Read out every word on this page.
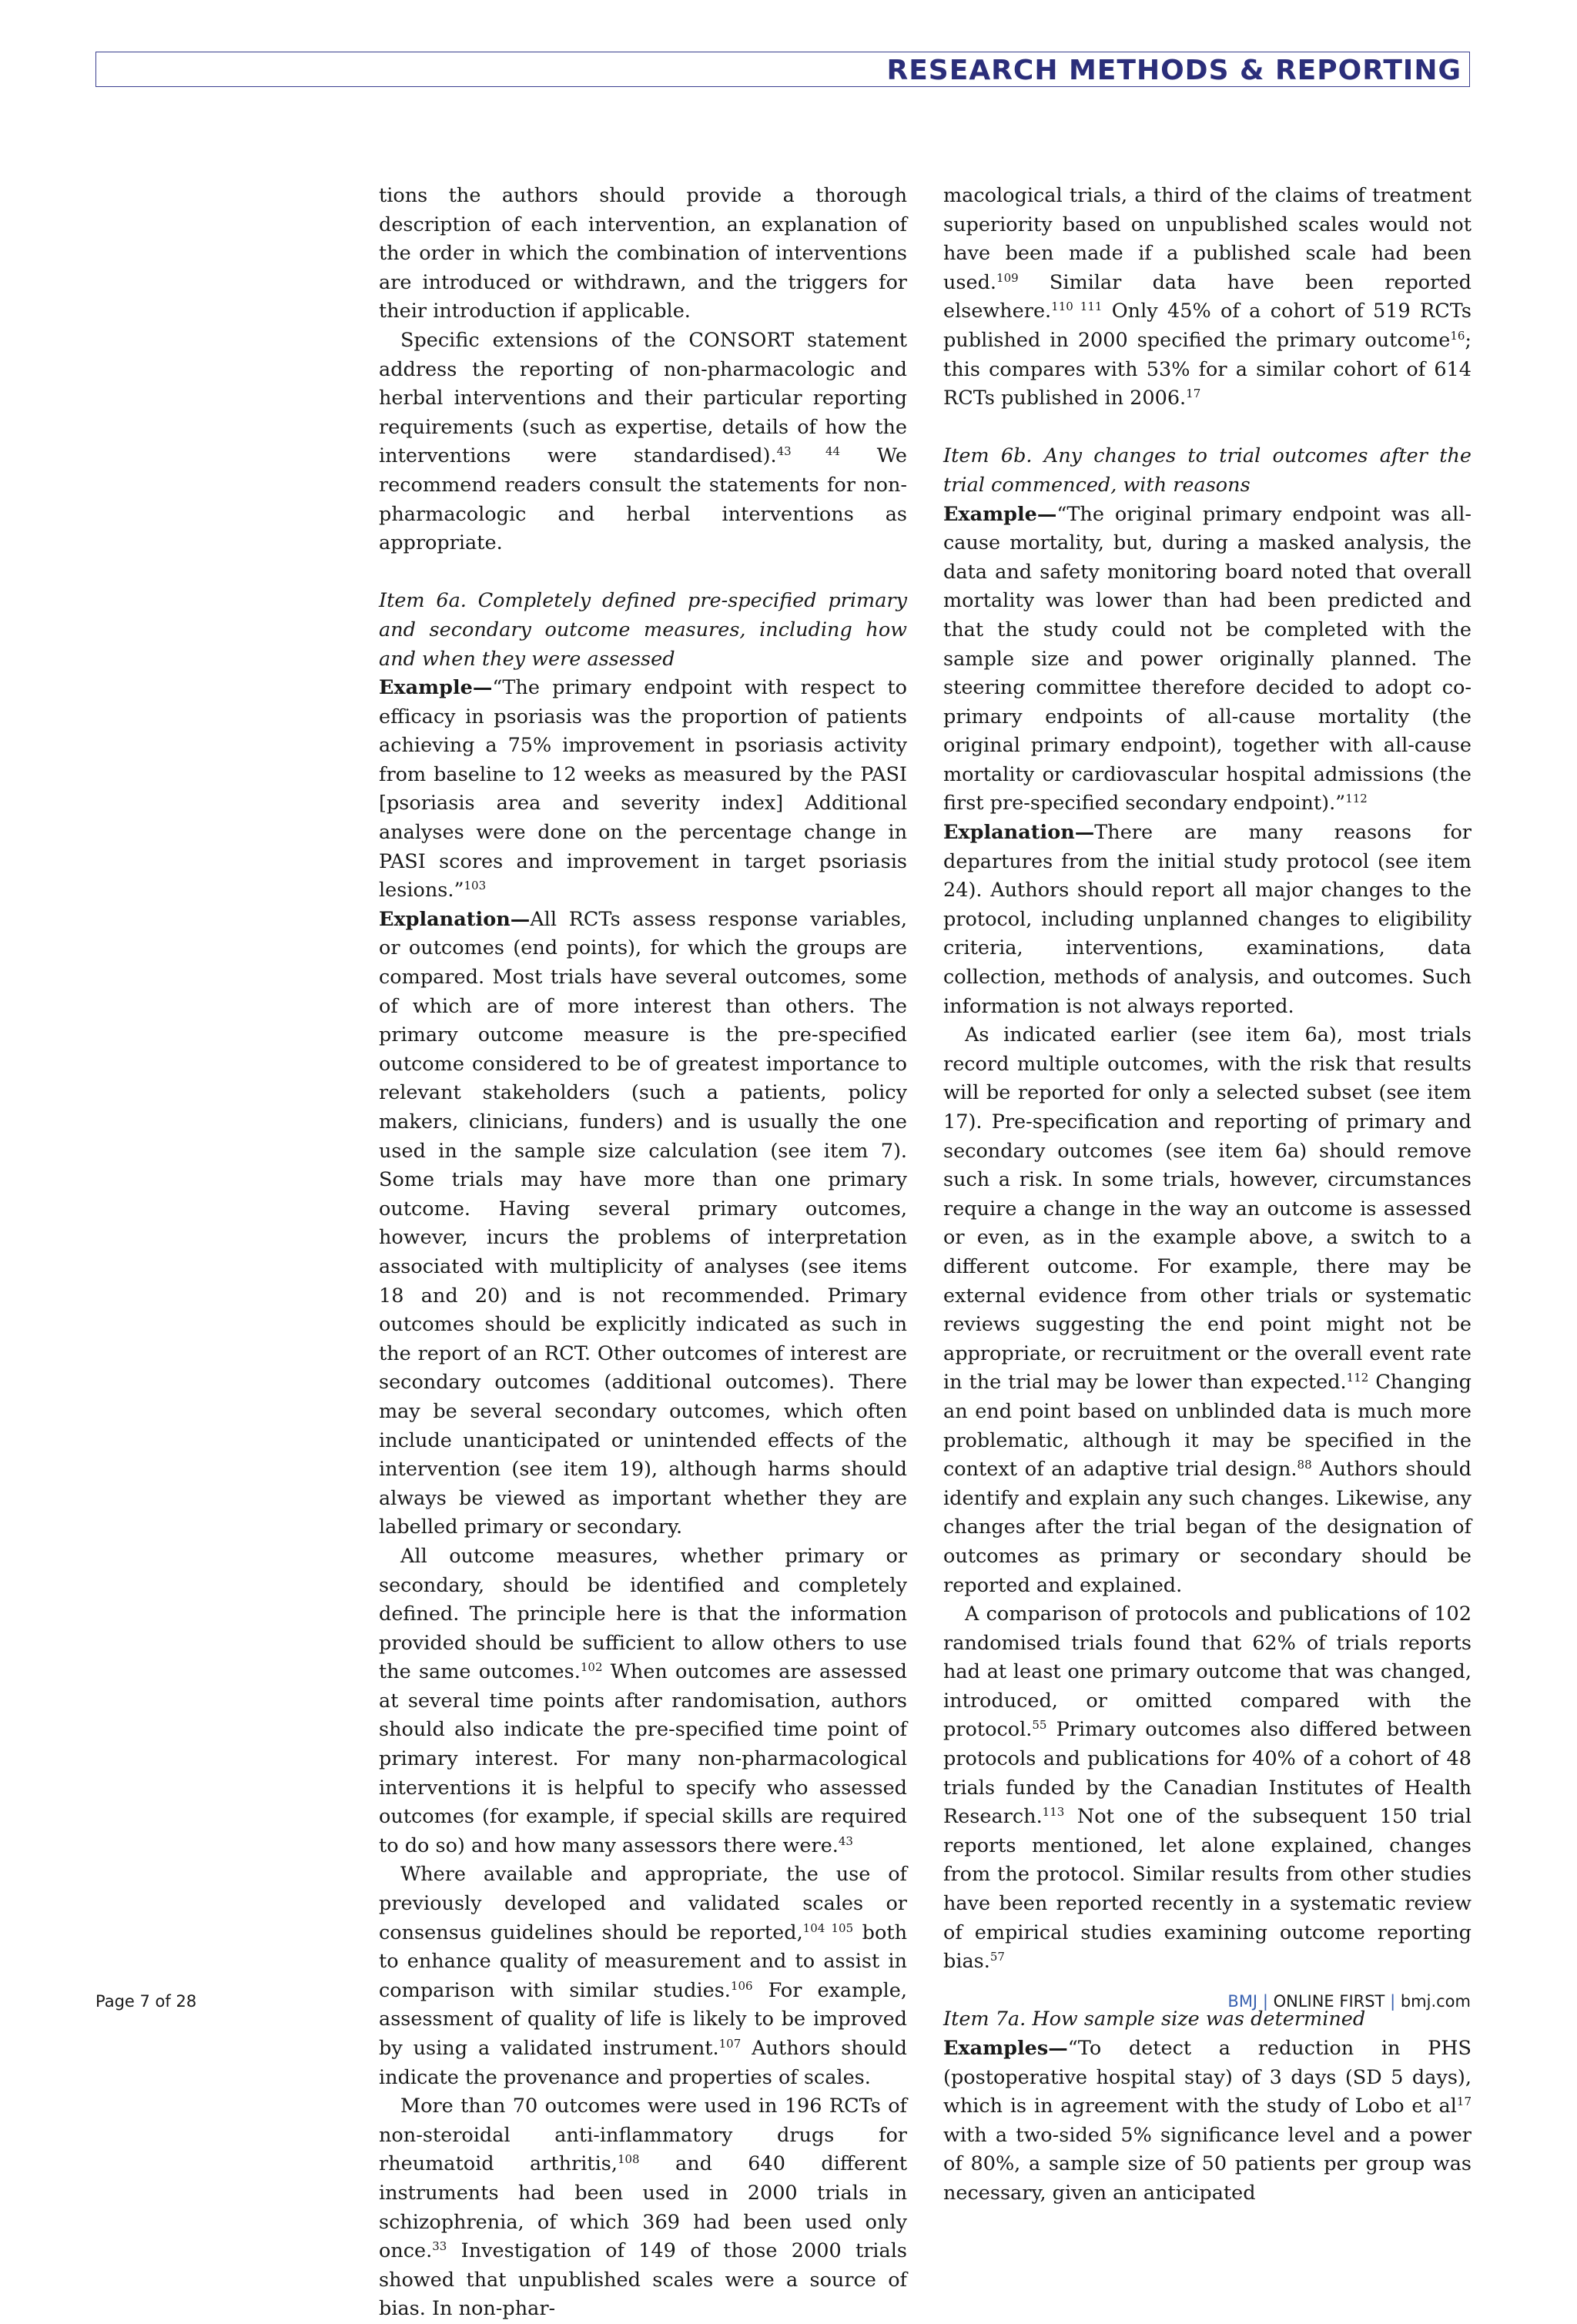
RESEARCH METHODS & REPORTING

tions the authors should provide a thorough description of each intervention, an explanation of the order in which the combination of interventions are introduced or withdrawn, and the triggers for their introduction if applicable.

Specific extensions of the CONSORT statement address the reporting of non-pharmacologic and herbal interventions and their particular reporting requirements (such as expertise, details of how the interventions were standardised).$^{43 44}$ We recommend readers consult the statements for non-pharmacologic and herbal interventions as appropriate.

Item 6a. Completely defined pre-specified primary and secondary outcome measures, including how and when they were assessed

Example—“The primary endpoint with respect to efficacy in psoriasis was the proportion of patients achieving a 75% improvement in psoriasis activity from baseline to 12 weeks as measured by the PASI [psoriasis area and severity index] Additional analyses were done on the percentage change in PASI scores and improvement in target psoriasis lesions.”$^{103}$

Explanation—All RCTs assess response variables, or outcomes (end points), for which the groups are compared. Most trials have several outcomes, some of which are of more interest than others. The primary outcome measure is the pre-specified outcome considered to be of greatest importance to relevant stakeholders (such a patients, policy makers, clinicians, funders) and is usually the one used in the sample size calculation (see item 7). Some trials may have more than one primary outcome. Having several primary outcomes, however, incurs the problems of interpretation associated with multiplicity of analyses (see items 18 and 20) and is not recommended. Primary outcomes should be explicitly indicated as such in the report of an RCT. Other outcomes of interest are secondary outcomes (additional outcomes). There may be several secondary outcomes, which often include unanticipated or unintended effects of the intervention (see item 19), although harms should always be viewed as important whether they are labelled primary or secondary.

All outcome measures, whether primary or secondary, should be identified and completely defined. The principle here is that the information provided should be sufficient to allow others to use the same outcomes.$^{102}$ When outcomes are assessed at several time points after randomisation, authors should also indicate the pre-specified time point of primary interest. For many non-pharmacological interventions it is helpful to specify who assessed outcomes (for example, if special skills are required to do so) and how many assessors there were.$^{43}$

Where available and appropriate, the use of previously developed and validated scales or consensus guidelines should be reported,$^{104 105}$ both to enhance quality of measurement and to assist in comparison with similar studies.$^{106}$ For example, assessment of quality of life is likely to be improved by using a validated instrument.$^{107}$ Authors should indicate the provenance and properties of scales.

More than 70 outcomes were used in 196 RCTs of non-steroidal anti-inflammatory drugs for rheumatoid arthritis,$^{108}$ and 640 different instruments had been used in 2000 trials in schizophrenia, of which 369 had been used only once.$^{33}$ Investigation of 149 of those 2000 trials showed that unpublished scales were a source of bias. In non-phar-

macological trials, a third of the claims of treatment superiority based on unpublished scales would not have been made if a published scale had been used.$^{109}$ Similar data have been reported elsewhere.$^{110 111}$ Only 45% of a cohort of 519 RCTs published in 2000 specified the primary outcome$^{16}$; this compares with 53% for a similar cohort of 614 RCTs published in 2006.17

Item 6b. Any changes to trial outcomes after the trial commenced, with reasons

Example—“The original primary endpoint was all-cause mortality, but, during a masked analysis, the data and safety monitoring board noted that overall mortality was lower than had been predicted and that the study could not be completed with the sample size and power originally planned. The steering committee therefore decided to adopt co-primary endpoints of all-cause mortality (the original primary endpoint), together with all-cause mortality or cardiovascular hospital admissions (the first pre-specified secondary endpoint).”$^{112}$

Explanation—There are many reasons for departures from the initial study protocol (see item 24). Authors should report all major changes to the protocol, including unplanned changes to eligibility criteria, interventions, examinations, data collection, methods of analysis, and outcomes. Such information is not always reported.

As indicated earlier (see item 6a), most trials record multiple outcomes, with the risk that results will be reported for only a selected subset (see item 17). Pre-specification and reporting of primary and secondary outcomes (see item 6a) should remove such a risk. In some trials, however, circumstances require a change in the way an outcome is assessed or even, as in the example above, a switch to a different outcome. For example, there may be external evidence from other trials or systematic reviews suggesting the end point might not be appropriate, or recruitment or the overall event rate in the trial may be lower than expected.$^{112}$ Changing an end point based on unblinded data is much more problematic, although it may be specified in the context of an adaptive trial design.$^{88}$ Authors should identify and explain any such changes. Likewise, any changes after the trial began of the designation of outcomes as primary or secondary should be reported and explained.

A comparison of protocols and publications of 102 randomised trials found that 62% of trials reports had at least one primary outcome that was changed, introduced, or omitted compared with the protocol.$^{55}$ Primary outcomes also differed between protocols and publications for 40% of a cohort of 48 trials funded by the Canadian Institutes of Health Research.$^{113}$ Not one of the subsequent 150 trial reports mentioned, let alone explained, changes from the protocol. Similar results from other studies have been reported recently in a systematic review of empirical studies examining outcome reporting bias.$^{57}$

Item 7a. How sample size was determined

Examples—“To detect a reduction in PHS (postoperative hospital stay) of 3 days (SD 5 days), which is in agreement with the study of Lobo et $al^{17}$ with a two-sided 5% significance level and a power of 80%, a sample size of 50 patients per group was necessary, given an anticipated

Page 7 of 28	BMJ | ONLINE FIRST | bmj.com
